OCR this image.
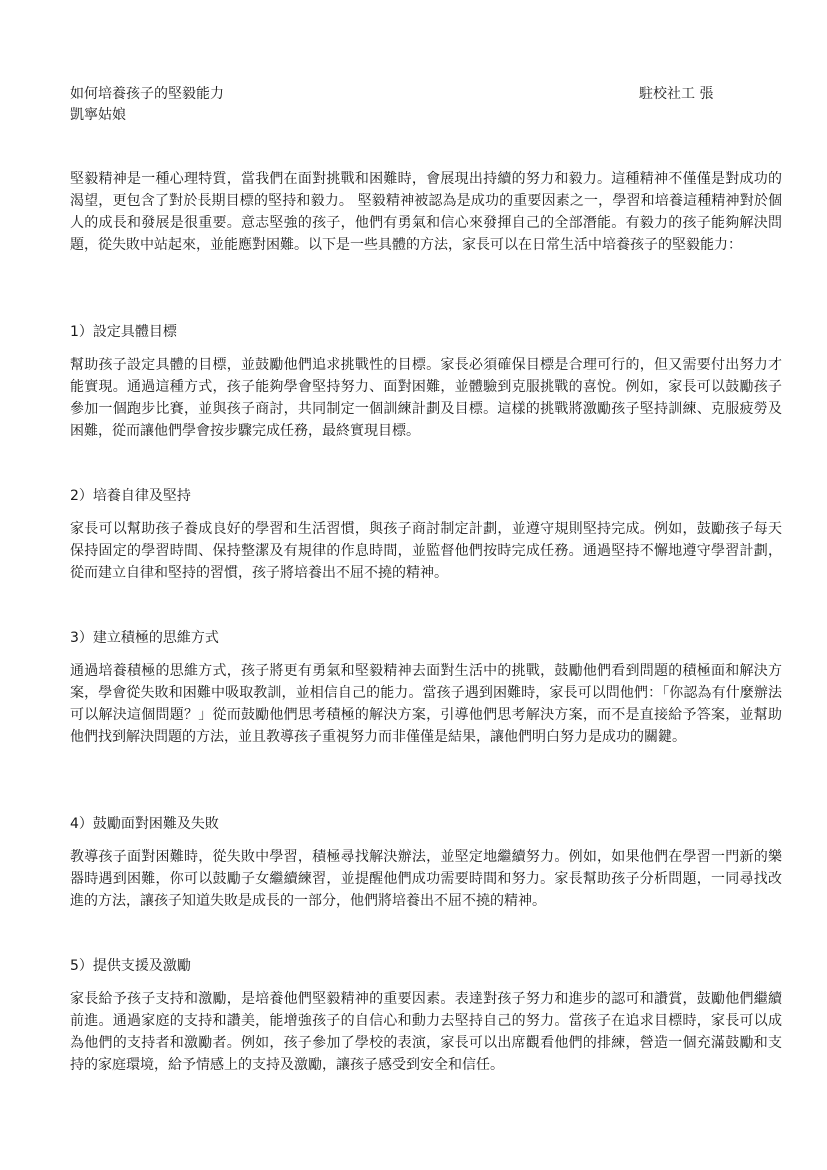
如何培養孩子的堅毅能力	駐校社工 張
凱寧姑娘

堅毅精神是一種心理特質，當我們在面對挑戰和困難時，會展現出持續的努力和毅力。這種精神不僅僅是對成功的渴望，更包含了對於長期目標的堅持和毅力。 堅毅精神被認為是成功的重要因素之一，學習和培養這種精神對於個人的成長和發展是很重要。意志堅強的孩子，他們有勇氣和信心來發揮自己的全部潛能。有毅力的孩子能夠解決問題，從失敗中站起來，並能應對困難。以下是一些具體的方法，家長可以在日常生活中培養孩子的堅毅能力：

1）設定具體目標

幫助孩子設定具體的目標，並鼓勵他們追求挑戰性的目標。家長必須確保目標是合理可行的，但又需要付出努力才能實現。通過這種方式，孩子能夠學會堅持努力、面對困難，並體驗到克服挑戰的喜悅。例如，家長可以鼓勵孩子參加一個跑步比賽，並與孩子商討，共同制定一個訓練計劃及目標。這樣的挑戰將激勵孩子堅持訓練、克服疲勞及困難，從而讓他們學會按步驟完成任務，最終實現目標。

2）培養自律及堅持

家長可以幫助孩子養成良好的學習和生活習慣，與孩子商討制定計劃，並遵守規則堅持完成。例如，鼓勵孩子每天保持固定的學習時間、保持整潔及有規律的作息時間，並監督他們按時完成任務。通過堅持不懈地遵守學習計劃，從而建立自律和堅持的習慣，孩子將培養出不屈不撓的精神。

3）建立積極的思維方式

通過培養積極的思維方式，孩子將更有勇氣和堅毅精神去面對生活中的挑戰，鼓勵他們看到問題的積極面和解決方案，學會從失敗和困難中吸取教訓，並相信自己的能力。當孩子遇到困難時，家長可以問他們：「你認為有什麼辦法可以解決這個問題？」從而鼓勵他們思考積極的解決方案，引導他們思考解決方案，而不是直接給予答案，並幫助他們找到解決問題的方法，並且教導孩子重視努力而非僅僅是結果，讓他們明白努力是成功的關鍵。

4）鼓勵面對困難及失敗

教導孩子面對困難時，從失敗中學習，積極尋找解決辦法，並堅定地繼續努力。例如，如果他們在學習一門新的樂器時遇到困難，你可以鼓勵子女繼續練習，並提醒他們成功需要時間和努力。家長幫助孩子分析問題，一同尋找改進的方法，讓孩子知道失敗是成長的一部分，他們將培養出不屈不撓的精神。

5）提供支援及激勵

家長給予孩子支持和激勵，是培養他們堅毅精神的重要因素。表達對孩子努力和進步的認可和讚賞，鼓勵他們繼續前進。通過家庭的支持和讚美，能增強孩子的自信心和動力去堅持自己的努力。當孩子在追求目標時，家長可以成為他們的支持者和激勵者。例如，孩子參加了學校的表演，家長可以出席觀看他們的排練，營造一個充滿鼓勵和支持的家庭環境，給予情感上的支持及激勵，讓孩子感受到安全和信任。
